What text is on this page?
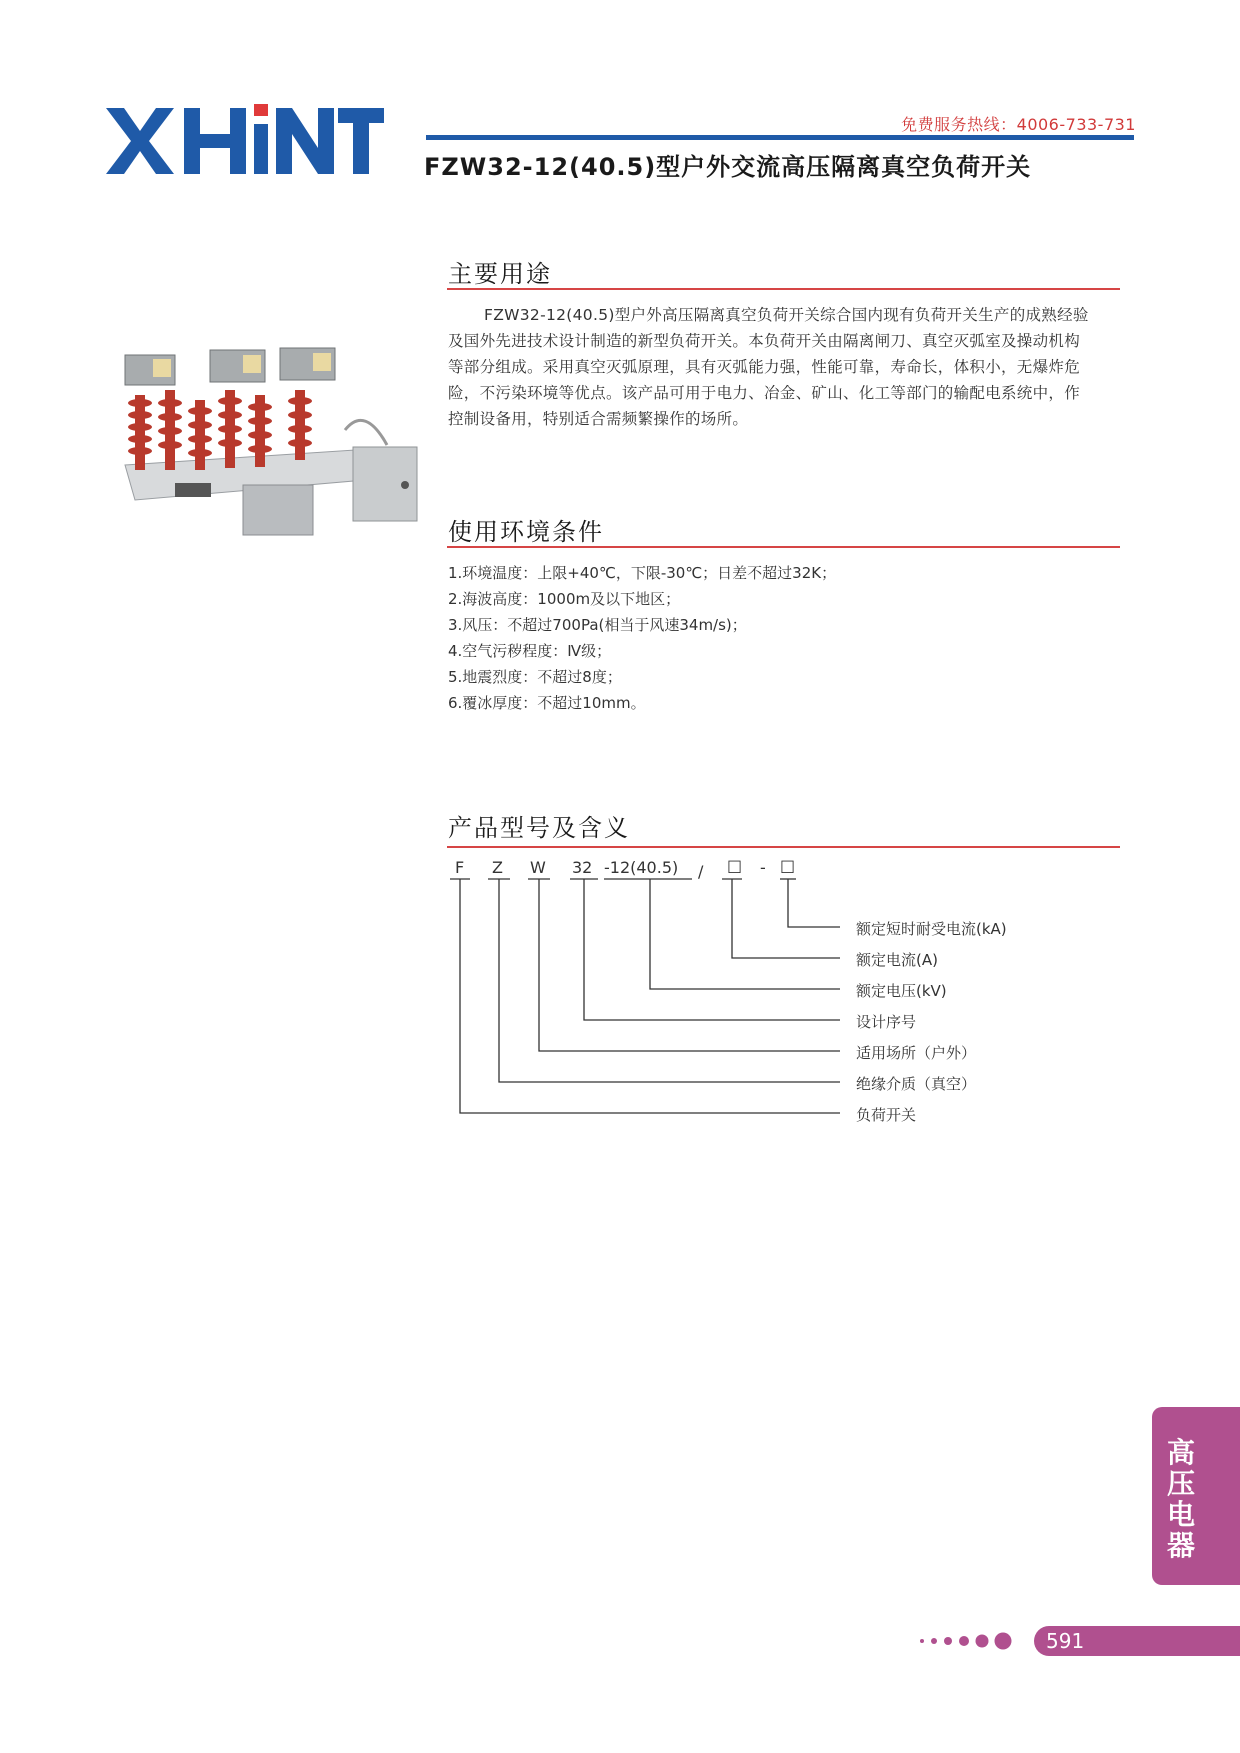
免费服务热线：4006-733-731
FZW32-12(40.5)型户外交流高压隔离真空负荷开关
主要用途
FZW32-12(40.5)型户外高压隔离真空负荷开关综合国内现有负荷开关生产的成熟经验
及国外先进技术设计制造的新型负荷开关。本负荷开关由隔离闸刀、真空灭弧室及操动机构
等部分组成。采用真空灭弧原理，具有灭弧能力强，性能可靠，寿命长，体积小，无爆炸危
险，不污染环境等优点。该产品可用于电力、冶金、矿山、化工等部门的输配电系统中，作
控制设备用，特别适合需频繁操作的场所。
使用环境条件
1.环境温度：上限+40℃，下限-30℃；日差不超过32K；
2.海波高度：1000m及以下地区；
3.风压：不超过700Pa(相当于风速34m/s)；
4.空气污秽程度：Ⅳ级；
5.地震烈度：不超过8度；
6.覆冰厚度：不超过10mm。
产品型号及含义
F Z W 32 -12(40.5) / □ - □
额定短时耐受电流(kA)
额定电流(A)
额定电压(kV)
设计序号
适用场所（户外）
绝缘介质（真空）
负荷开关
高压电器
591
